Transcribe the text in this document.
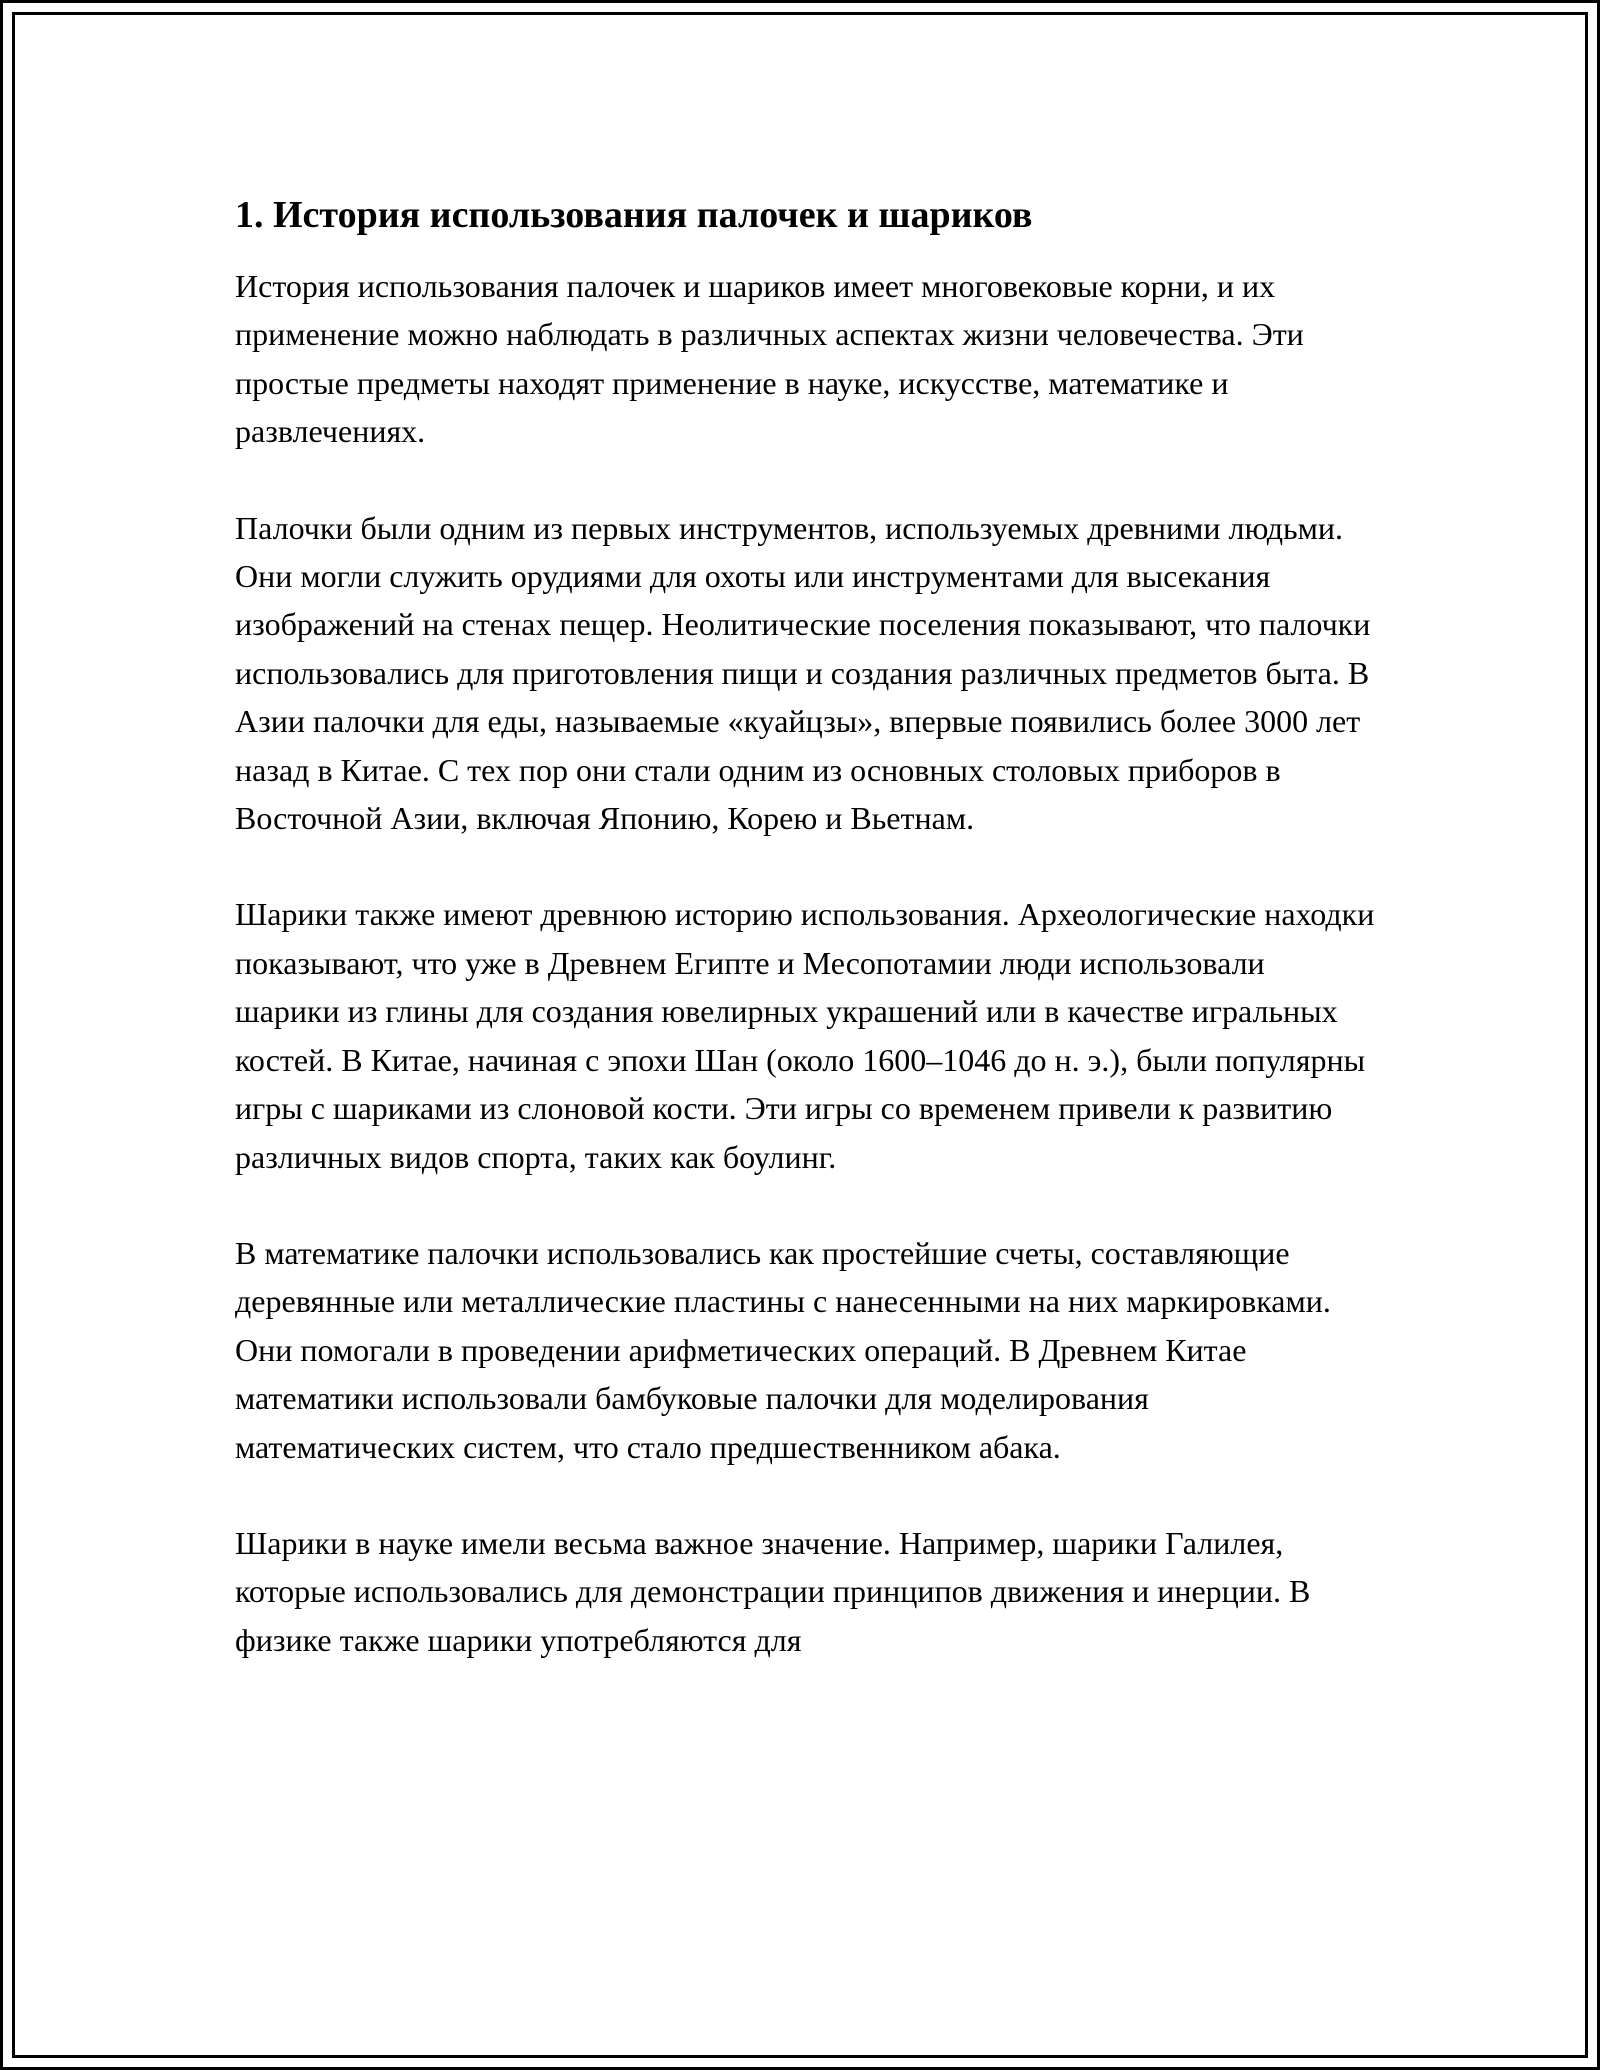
1. История использования палочек и шариков

История использования палочек и шариков имеет многовековые корни, и их применение можно наблюдать в различных аспектах жизни человечества. Эти простые предметы находят применение в науке, искусстве, математике и развлечениях.

Палочки были одним из первых инструментов, используемых древними людьми. Они могли служить орудиями для охоты или инструментами для высекания изображений на стенах пещер. Неолитические поселения показывают, что палочки использовались для приготовления пищи и создания различных предметов быта. В Азии палочки для еды, называемые «куайцзы», впервые появились более 3000 лет назад в Китае. С тех пор они стали одним из основных столовых приборов в Восточной Азии, включая Японию, Корею и Вьетнам.

Шарики также имеют древнюю историю использования. Археологические находки показывают, что уже в Древнем Египте и Месопотамии люди использовали шарики из глины для создания ювелирных украшений или в качестве игральных костей. В Китае, начиная с эпохи Шан (около 1600–1046 до н. э.), были популярны игры с шариками из слоновой кости. Эти игры со временем привели к развитию различных видов спорта, таких как боулинг.

В математике палочки использовались как простейшие счеты, составляющие деревянные или металлические пластины с нанесенными на них маркировками. Они помогали в проведении арифметических операций. В Древнем Китае математики использовали бамбуковые палочки для моделирования математических систем, что стало предшественником абака.

Шарики в науке имели весьма важное значение. Например, шарики Галилея, которые использовались для демонстрации принципов движения и инерции. В физике также шарики употребляются для
